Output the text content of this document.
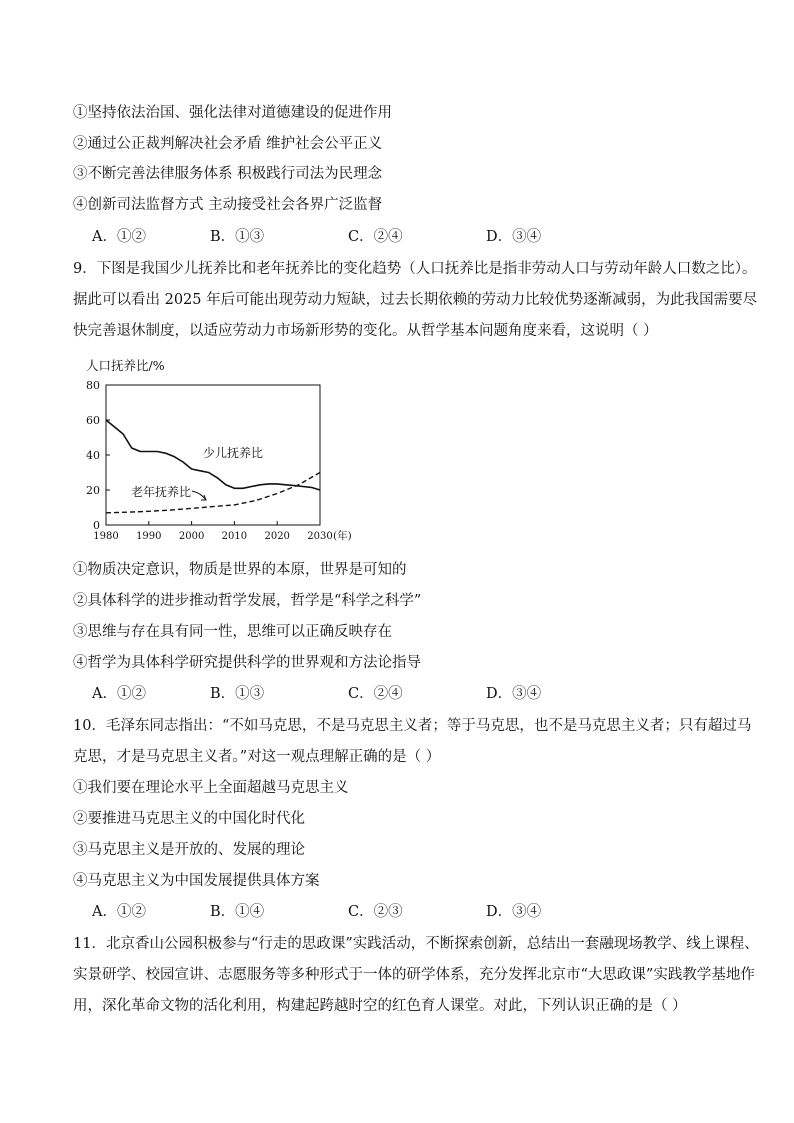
①坚持依法治国、强化法律对道德建设的促进作用
②通过公正裁判解决社会矛盾 维护社会公平正义
③不断完善法律服务体系 积极践行司法为民理念
④创新司法监督方式 主动接受社会各界广泛监督
A．①②	B．①③	C．②④	D．③④
9．下图是我国少儿抚养比和老年抚养比的变化趋势（人口抚养比是指非劳动人口与劳动年龄人口数之比）。
据此可以看出 2025 年后可能出现劳动力短缺，过去长期依赖的劳动力比较优势逐渐减弱，为此我国需要尽
快完善退休制度，以适应劳动力市场新形势的变化。从哲学基本问题角度来看，这说明（ ）
人口抚养比/%
0
20
40
60
80
1980 1990 2000 2010 2020 2030 (年)
少儿抚养比
老年抚养比
①物质决定意识，物质是世界的本原，世界是可知的
②具体科学的进步推动哲学发展，哲学是“科学之科学”
③思维与存在具有同一性，思维可以正确反映存在
④哲学为具体科学研究提供科学的世界观和方法论指导
A．①②	B．①③	C．②④	D．③④
10．毛泽东同志指出：“不如马克思，不是马克思主义者；等于马克思，也不是马克思主义者；只有超过马
克思，才是马克思主义者。”对这一观点理解正确的是（ ）
①我们要在理论水平上全面超越马克思主义
②要推进马克思主义的中国化时代化
③马克思主义是开放的、发展的理论
④马克思主义为中国发展提供具体方案
A．①②	B．①④	C．②③	D．③④
11．北京香山公园积极参与“行走的思政课”实践活动，不断探索创新，总结出一套融现场教学、线上课程、
实景研学、校园宣讲、志愿服务等多种形式于一体的研学体系，充分发挥北京市“大思政课”实践教学基地作
用，深化革命文物的活化利用，构建起跨越时空的红色育人课堂。对此，下列认识正确的是（ ）
